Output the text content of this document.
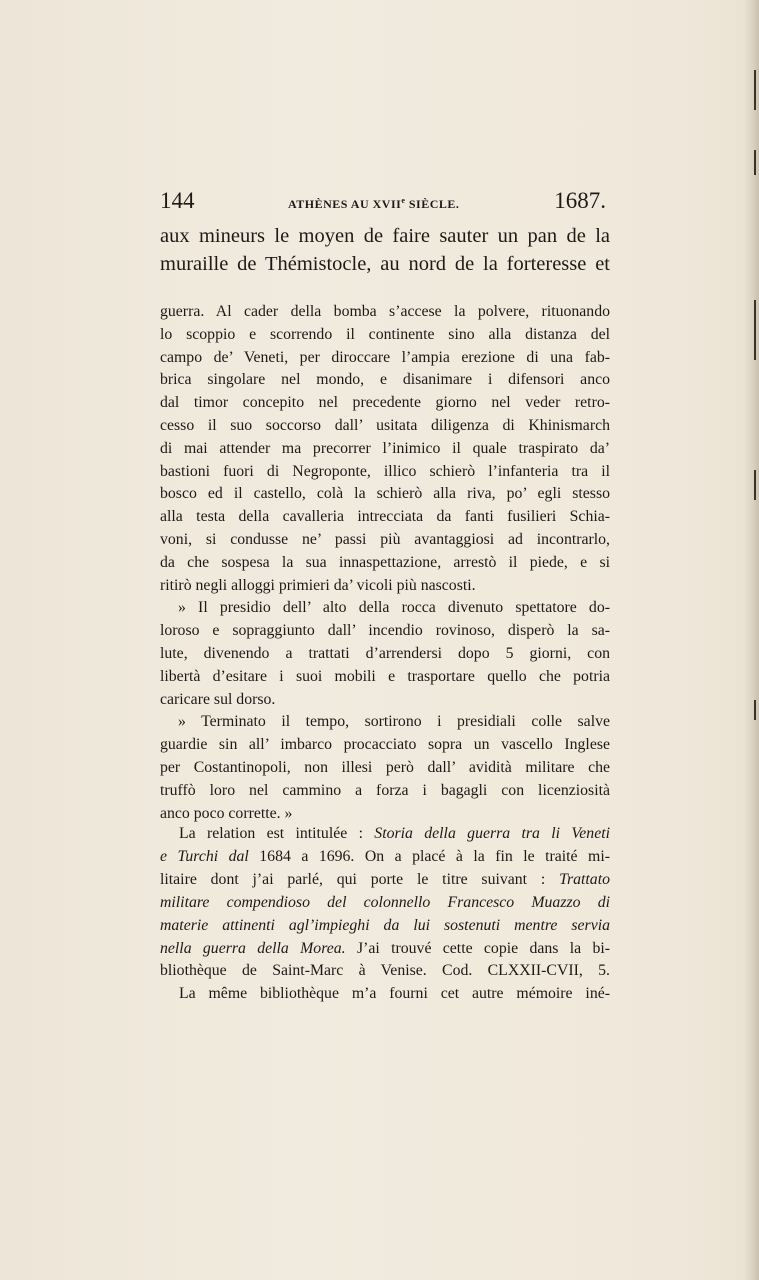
144	ATHÈNES AU XVIIe SIÈCLE.	1687.
aux mineurs le moyen de faire sauter un pan de la
muraille de Thémistocle, au nord de la forteresse et
guerra. Al cader della bomba s’accese la polvere, rituonando
lo scoppio e scorrendo il continente sino alla distanza del
campo de’ Veneti, per diroccare l’ampia erezione di una fab-
brica singolare nel mondo, e disanimare i difensori anco
dal timor concepito nel precedente giorno nel veder retro-
cesso il suo soccorso dall’ usitata diligenza di Khinismarch
di mai attender ma precorrer l’inimico il quale traspirato da’
bastioni fuori di Negroponte, illico schierò l’infanteria tra il
bosco ed il castello, colà la schierò alla riva, po’ egli stesso
alla testa della cavalleria intrecciata da fanti fusilieri Schia-
voni, si condusse ne’ passi più avantaggiosi ad incontrarlo,
da che sospesa la sua innaspettazione, arrestò il piede, e si
ritirò negli alloggi primieri da’ vicoli più nascosti.
» Il presidio dell’ alto della rocca divenuto spettatore do-
loroso e sopraggiunto dall’ incendio rovinoso, disperò la sa-
lute, divenendo a trattati d’arrendersi dopo 5 giorni, con
libertà d’esitare i suoi mobili e trasportare quello che potria
caricare sul dorso.
» Terminato il tempo, sortirono i presidiali colle salve
guardie sin all’ imbarco procacciato sopra un vascello Inglese
per Costantinopoli, non illesi però dall’ avidità militare che
truffò loro nel cammino a forza i bagagli con licenziosità
anco poco corrette. »
La relation est intitulée : Storia della guerra tra li Veneti
e Turchi dal 1684 a 1696. On a placé à la fin le traité mi-
litaire dont j’ai parlé, qui porte le titre suivant : Trattato
militare compendioso del colonnello Francesco Muazzo di
materie attinenti agl’impieghi da lui sostenuti mentre servia
nella guerra della Morea. J’ai trouvé cette copie dans la bi-
bliothèque de Saint-Marc à Venise. Cod. CLXXII-CVII, 5.
La même bibliothèque m’a fourni cet autre mémoire iné-
